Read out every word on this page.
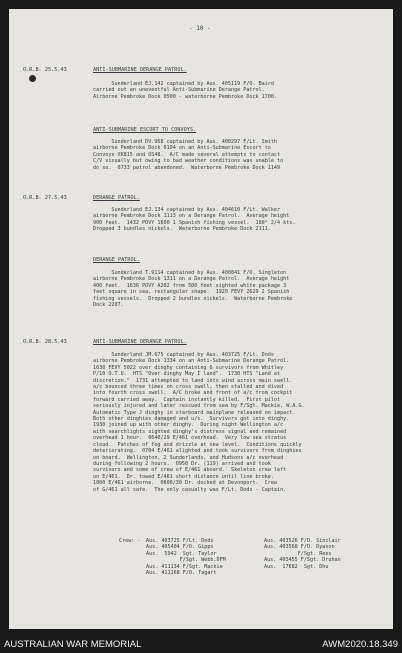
- 10 -
O.R.B. 25.5.43	ANTI-SUBMARINE DERANGE PATROL.
Sunderland EJ.142 captained by Aus. 405119 F/O. Baird
carried out an uneventful Anti-Submarine Derange Patrol.
Airborne Pembroke Dock 0500 - waterborne Pembroke Dock 1700.
ANTI-SUBMARINE ESCORT TO CONVOYS.
Sunderland DV.968 captained by Aus. 400297 F/Lt. Smith
airborne Pembroke Dock 0104 on an Anti-Submarine Escort to
Convoys XK815 and OS48.  A/C made several attempts to contact
C/V visually but owing to bad weather conditions was unable to
do so.  0733 patrol abandoned.  Waterborne Pembroke Dock 1149
O.R.B. 27.5.43	DERANGE PATROL.
Sunderland EJ.134 captained by Aus. 404610 F/Lt. Walker
airborne Pembroke Dock 1113 on a Derange Patrol.  Average height
900 feet.  1432 POVY 1600 1 Spanish fishing vessel.  180° 2/4 kts.
Dropped 3 bundles nickels.  Waterborne Pembroke Dock 2111.
DERANGE PATROL.
Sunderland T.9114 captained by Aus. 400841 F/O. Singleton
airborne Pembroke Dock 1311 on a Derange Patrol.  Average height
400 feet.  1636 POVY A202 from 500 feet sighted white package 3
feet square in sea, rectangular shape.  1920 FEVY 2629 2 Spanish
fishing vessels.  Dropped 2 bundles nickels.  Waterborne Pembroke
Dock 2207.
O.R.B. 28.5.43	ANTI-SUBMARINE DERANGE PATROL.
Sunderland JM.675 captained by Aus. 403725 F/Lt. Dods
airborne Pembroke Dock 1334 on an Anti-Submarine Derange Patrol.
1630 FEVY 5022 over dinghy containing 6 survivors from Whitley
P/10 O.T.U.  HTS "Over dinghy May I land".  1730 HTS "Land at
discretion."  1731 attempted to land into wind across main swell.
a/c bounced three times on cross swell, then stalled and dived
into fourth cross swell.  A/C broke and front of a/c from cockpit
forward carried away.  Captain instantly killed.  First pilot
seriously injured and later rescued from sea by F/Sgt. Mackie, W.A.G.
Automatic Type J dinghy in starboard mainplane released on impact.
Both other dinghies damaged and u/s.  Survivors got into dinghy.
1930 joined up with other dinghy.  During night Wellington a/c
with searchlights sighted dinghy's distress signal and remained
overhead 1 hour.  0640/29 E/461 overhead.  Very low sea stratus
cloud.  Patches of fog and drizzle at sea level.  Conditions quickly
deteriorating.  0704 E/461 alighted and took survivors from dinghies
on board.  Wellington, 2 Sunderlands, and Hudsons a/c overhead
during following 2 hours.  0950 Dr. (119) arrived and took
survivors and some of crew of E/461 aboard.  Skeleton crew left
on E/461.  Dr. towed E/461 short distance until line broke.
1800 E/461 airborne.  0600/30 Dr. docked at Devonport.  Crew
of G/461 all safe.  The only casualty was F/Lt. Dods - Captain.
Crew: - Aus. 403725 F/Lt. Dods
Aus. 405404 F/O. Gipps
Aus.  5942  Sgt. Taylor
F/Sgt. Webb,DFM
Aus. 411134 F/Sgt. Mackie
Aus. 411168 F/O. Tagart
Aus. 403526 F/O. Sinclair
Aus. 403568 F/O. Dyason
F/Sgt. Rees
Aus. 403455 F/Sgt. Druhan
Aus.  17682  Sgt. Dhu
AUSTRALIAN WAR MEMORIAL	AWM2020.18.349
